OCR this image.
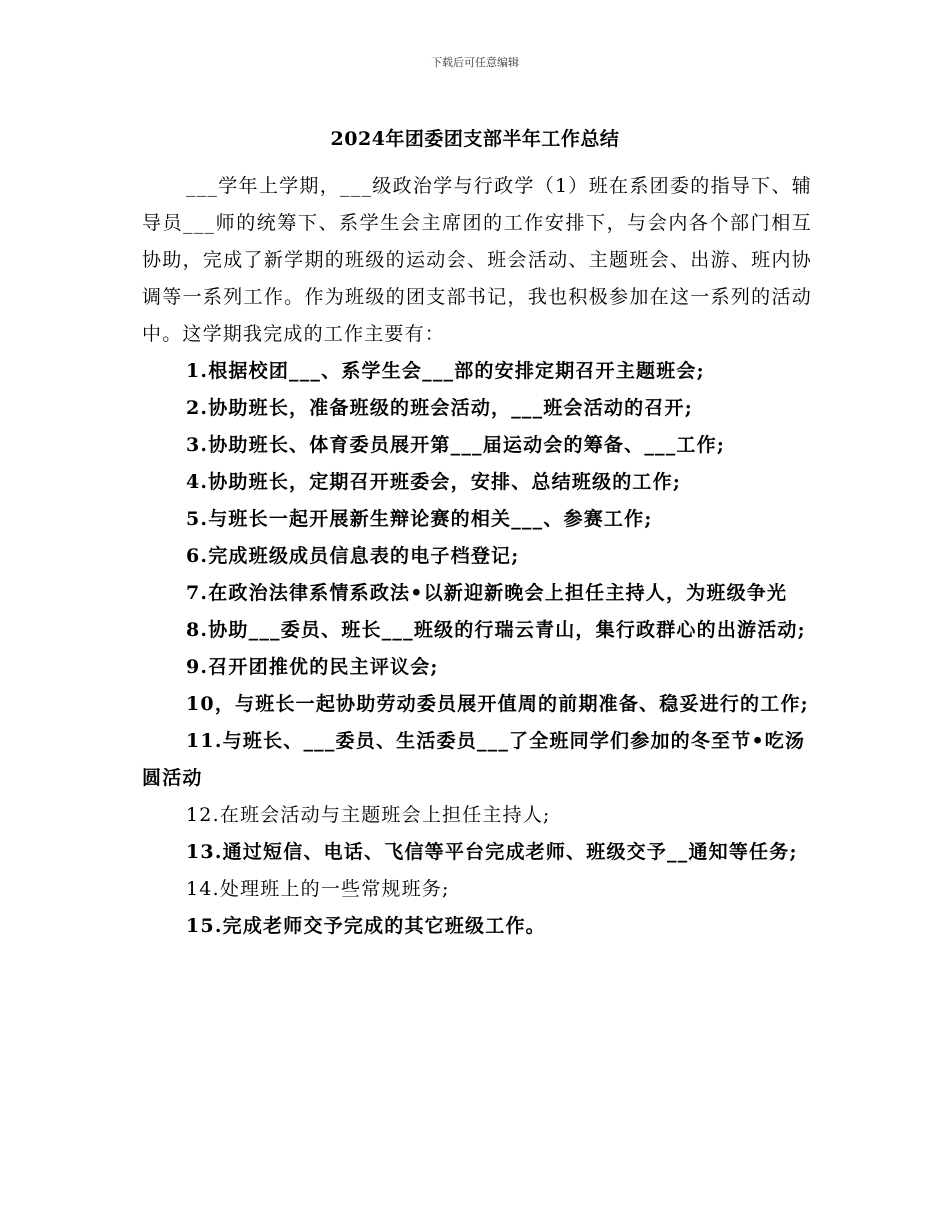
下载后可任意编辑
2024年团委团支部半年工作总结

___学年上学期，___级政治学与行政学（1）班在系团委的指导下、辅导员___师的统筹下、系学生会主席团的工作安排下，与会内各个部门相互协助，完成了新学期的班级的运动会、班会活动、主题班会、出游、班内协调等一系列工作。作为班级的团支部书记，我也积极参加在这一系列的活动中。这学期我完成的工作主要有：

1.根据校团___、系学生会___部的安排定期召开主题班会;

2.协助班长，准备班级的班会活动，___班会活动的召开;

3.协助班长、体育委员展开第___届运动会的筹备、___工作;

4.协助班长，定期召开班委会，安排、总结班级的工作;

5.与班长一起开展新生辩论赛的相关___、参赛工作;

6.完成班级成员信息表的电子档登记;

7.在政治法律系情系政法•以新迎新晚会上担任主持人，为班级争光

8.协助___委员、班长___班级的行瑞云青山，集行政群心的出游活动;

9.召开团推优的民主评议会;

10，与班长一起协助劳动委员展开值周的前期准备、稳妥进行的工作;

11.与班长、___委员、生活委员___了全班同学们参加的冬至节•吃汤圆活动

12.在班会活动与主题班会上担任主持人;

13.通过短信、电话、飞信等平台完成老师、班级交予__通知等任务;

14.处理班上的一些常规班务;

15.完成老师交予完成的其它班级工作。
